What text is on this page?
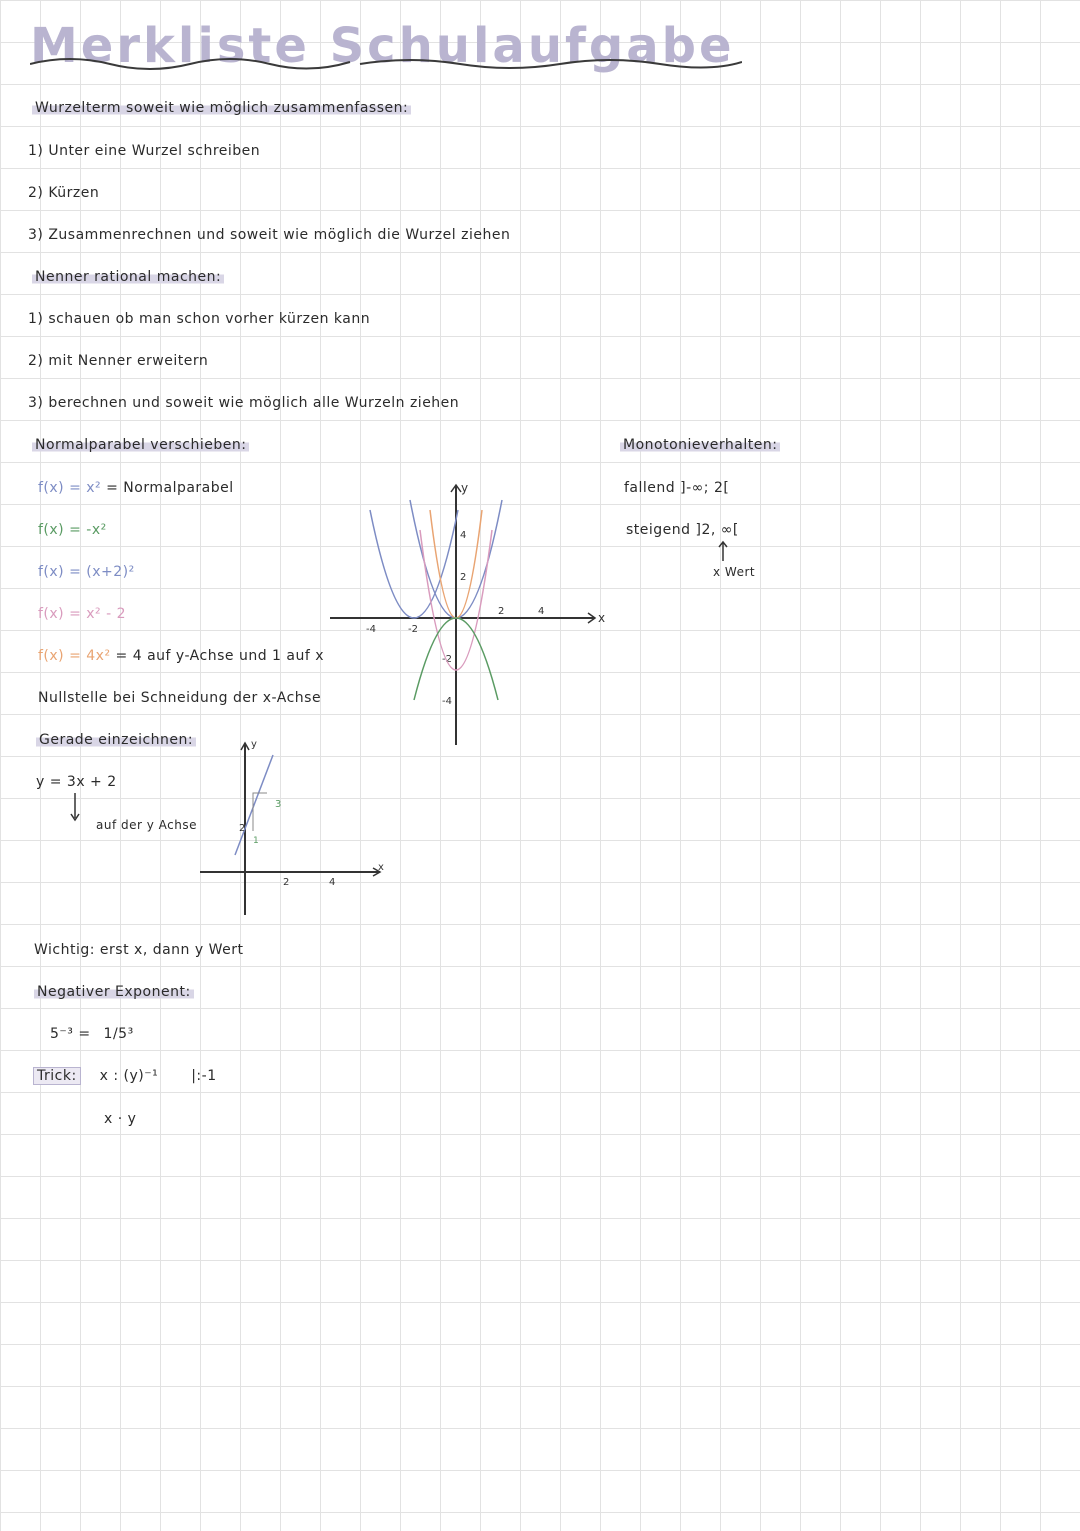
Merkliste Schulaufgabe
Wurzelterm soweit wie möglich zusammenfassen:
1) Unter eine Wurzel schreiben
2) Kürzen
3) Zusammenrechnen und soweit wie möglich die Wurzel ziehen
Nenner rational machen:
1) schauen ob man schon vorher kürzen kann
2) mit Nenner erweitern
3) berechnen und soweit wie möglich alle Wurzeln ziehen
Normalparabel verschieben:
f(x) = x² = Normalparabel
f(x) = -x²
f(x) = (x+2)²
f(x) = x² - 2
f(x) = 4x² = 4 auf y-Achse und 1 auf x
Nullstelle bei Schneidung der x-Achse
x
y
-4	-2
2	4
2
4
-2
-4
Monotonieverhalten:
fallend ]-∞; 2[
steigend ]2, ∞[
x Wert
Gerade einzeichnen:
y = 3x + 2
auf der y Achse
x
y
2	4
3
1
2
Wichtig: erst x, dann y Wert
Negativer Exponent:
5⁻³ = 1/5³
Trick: x : (y)⁻¹ |:-1
x · y
